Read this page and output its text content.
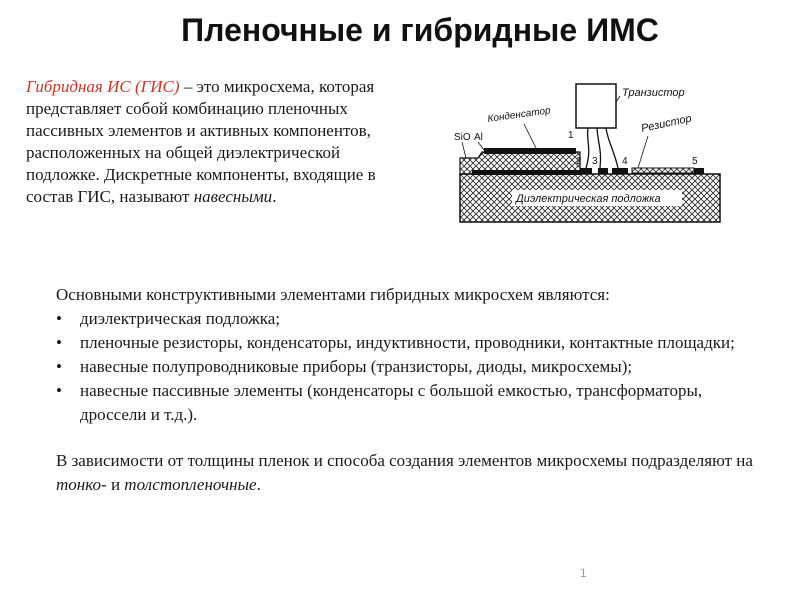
Пленочные и гибридные ИМС
Гибридная ИС (ГИС) – это микросхема, которая представляет собой комбинацию пленочных пассивных элементов и активных компонентов, расположенных на общей диэлектрической подложке. Дискретные компоненты, входящие в состав ГИС, называют навесными.	Диэлектрическая подложка
Транзистор
Конденсатор	Резистор
SiO Al	1
2 3 4	5
Основными конструктивными элементами гибридных микросхем являются:
• диэлектрическая подложка;
• пленочные резисторы, конденсаторы, индуктивности, проводники, контактные площадки;
• навесные полупроводниковые приборы (транзисторы, диоды, микросхемы);
• навесные пассивные элементы (конденсаторы с большой емкостью, трансформаторы, дроссели и т.д.).
В зависимости от толщины пленок и способа создания элементов микросхемы подразделяют на тонко- и толстопленочные.
1
